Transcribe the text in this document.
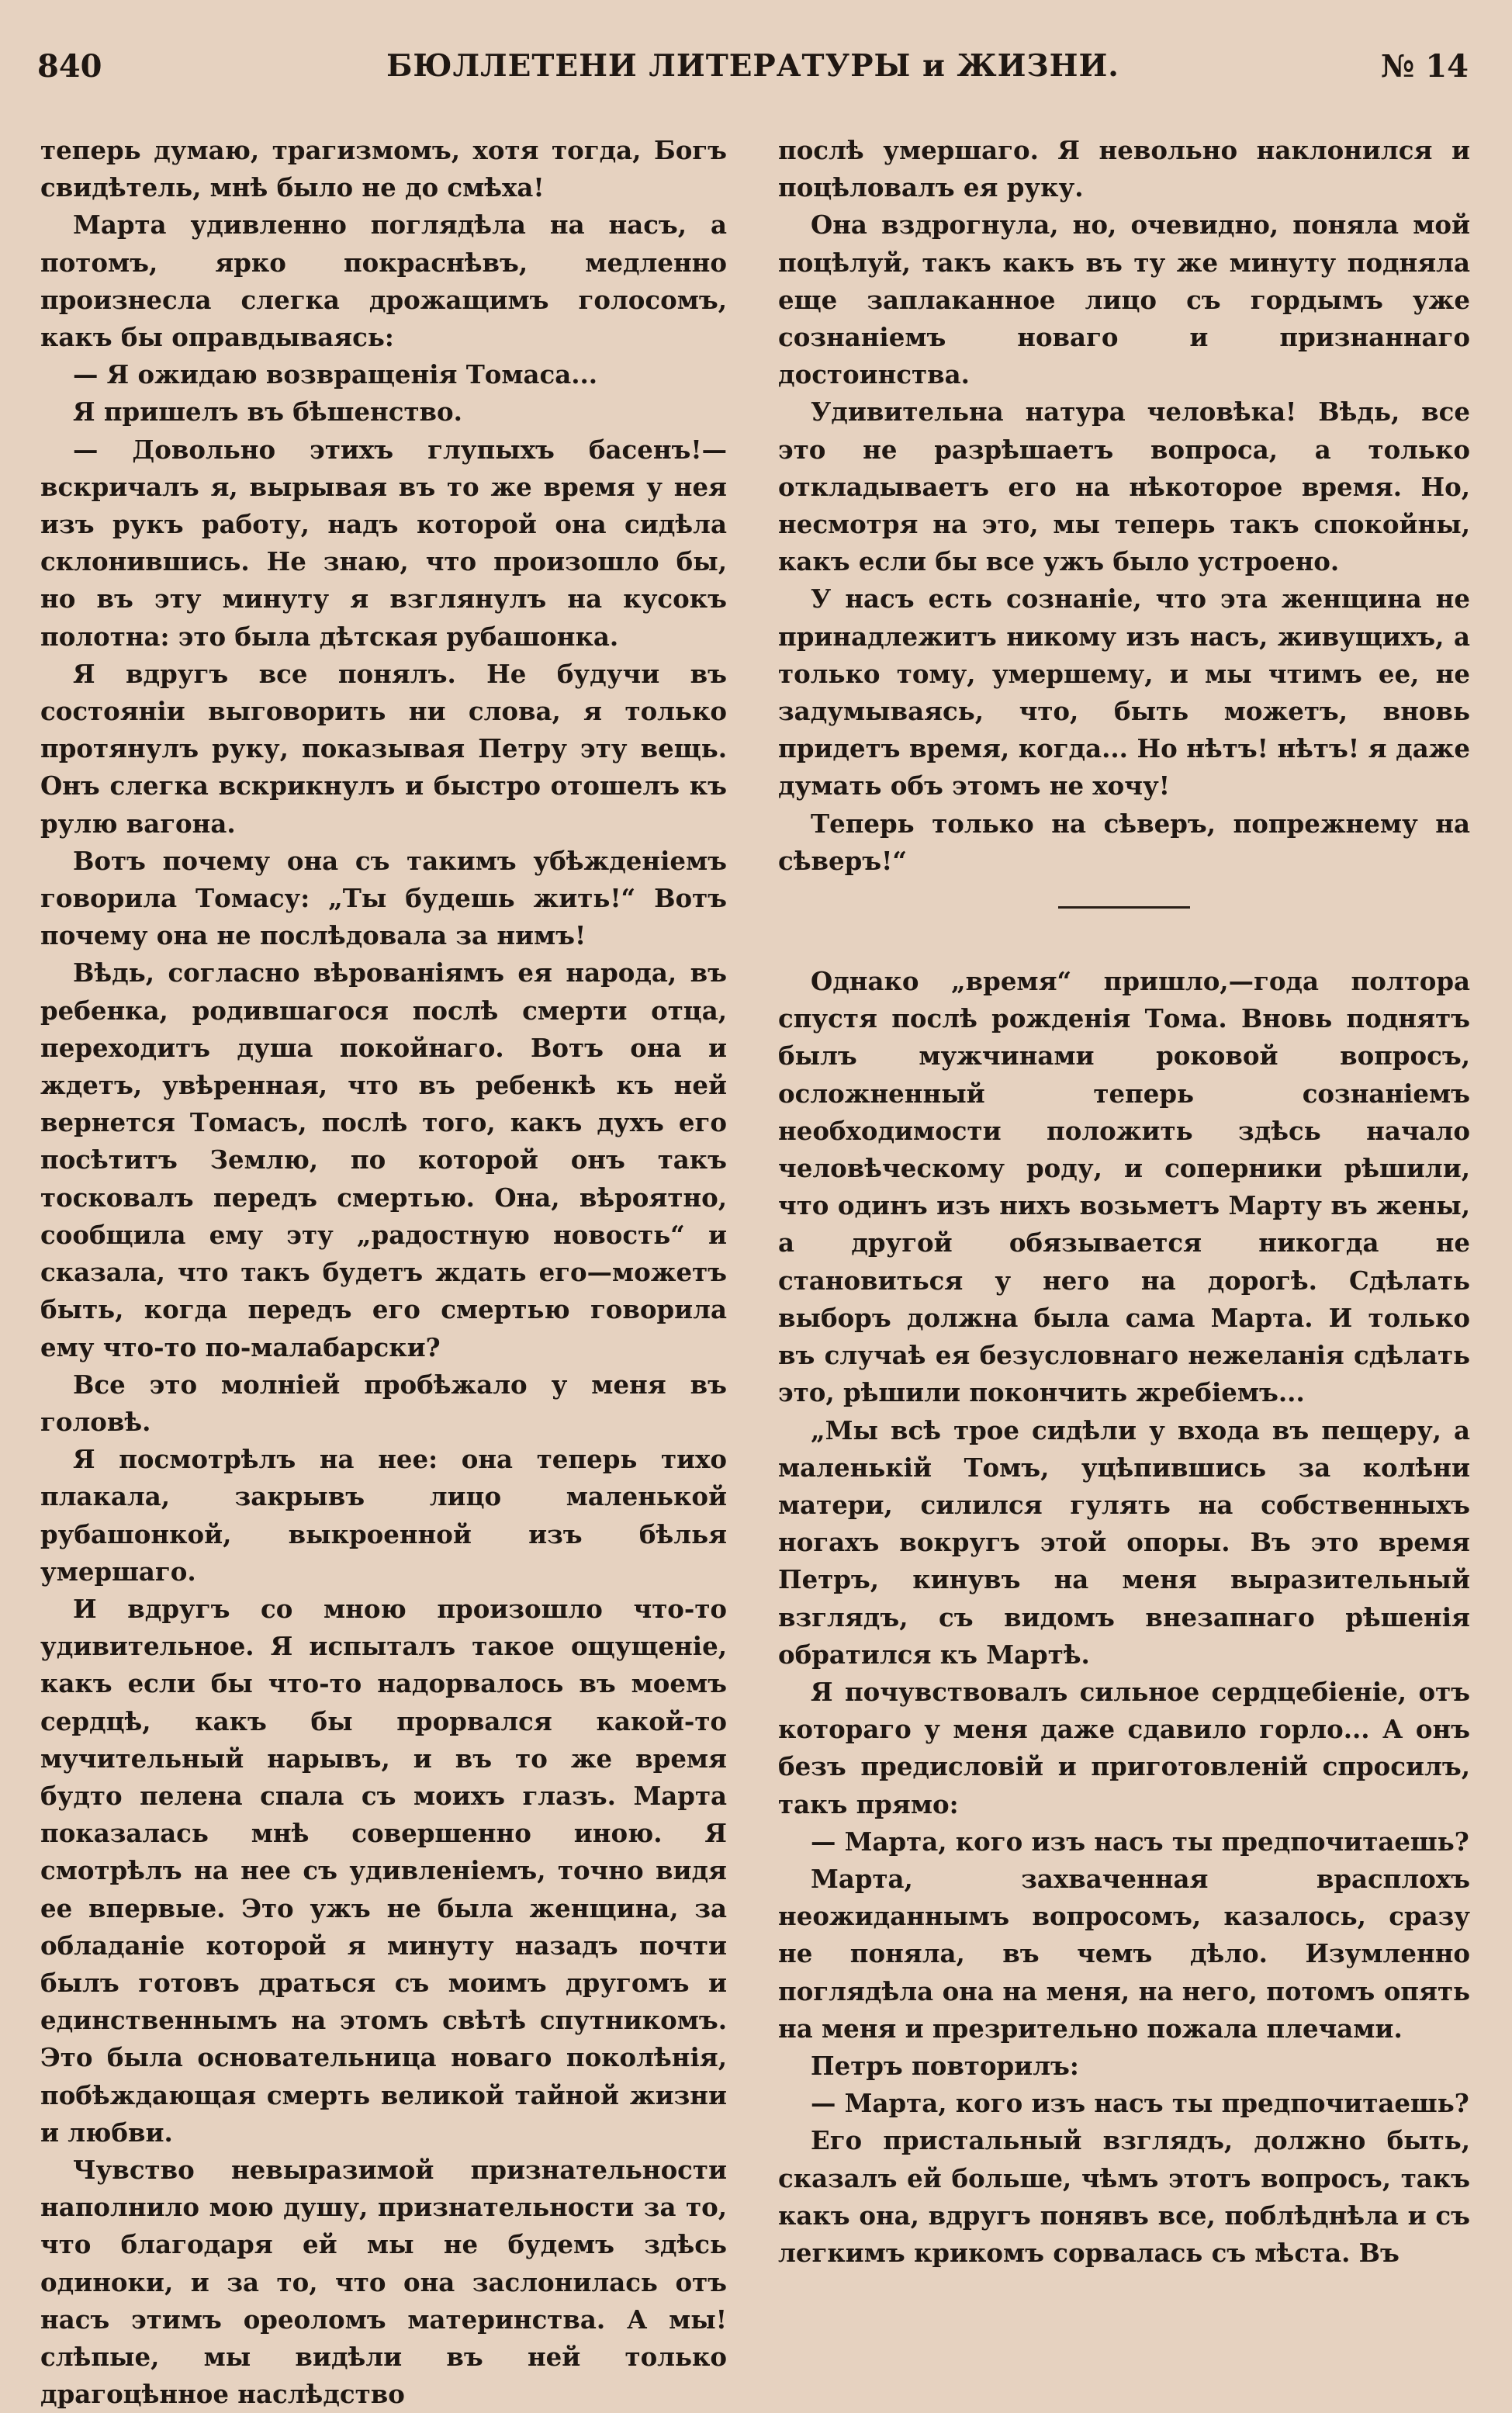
840	БЮЛЛЕТЕНИ ЛИТЕРАТУРЫ и ЖИЗНИ.	№ 14

теперь думаю, трагизмомъ, хотя тогда, Богъ свидѣтель, мнѣ было не до смѣха!

Марта удивленно поглядѣла на насъ, а потомъ, ярко покраснѣвъ, медленно произнесла слегка дрожащимъ голосомъ, какъ бы оправдываясь:

— Я ожидаю возвращенія Томаса...

Я пришелъ въ бѣшенство.

— Довольно этихъ глупыхъ басенъ!—вскричалъ я, вырывая въ то же время у нея изъ рукъ работу, надъ которой она сидѣла склонившись. Не знаю, что произошло бы, но въ эту минуту я взглянулъ на кусокъ полотна: это была дѣтская рубашонка.

Я вдругъ все понялъ. Не будучи въ состояніи выговорить ни слова, я только протянулъ руку, показывая Петру эту вещь. Онъ слегка вскрикнулъ и быстро отошелъ къ рулю вагона.

Вотъ почему она съ такимъ убѣжденіемъ говорила Томасу: „Ты будешь жить!“ Вотъ почему она не послѣдовала за нимъ!

Вѣдь, согласно вѣрованіямъ ея народа, въ ребенка, родившагося послѣ смерти отца, переходитъ душа покойнаго. Вотъ она и ждетъ, увѣренная, что въ ребенкѣ къ ней вернется Томасъ, послѣ того, какъ духъ его посѣтитъ Землю, по которой онъ такъ тосковалъ передъ смертью. Она, вѣроятно, сообщила ему эту „радостную новость“ и сказала, что такъ будетъ ждать его—можетъ быть, когда передъ его смертью говорила ему что-то по-малабарски?

Все это молніей пробѣжало у меня въ головѣ.

Я посмотрѣлъ на нее: она теперь тихо плакала, закрывъ лицо маленькой рубашонкой, выкроенной изъ бѣлья умершаго.

И вдругъ со мною произошло что-то удивительное. Я испыталъ такое ощущеніе, какъ если бы что-то надорвалось въ моемъ сердцѣ, какъ бы прорвался какой-то мучительный нарывъ, и въ то же время будто пелена спала съ моихъ глазъ. Марта показалась мнѣ совершенно иною. Я смотрѣлъ на нее съ удивленіемъ, точно видя ее впервые. Это ужъ не была женщина, за обладаніе которой я минуту назадъ почти былъ готовъ драться съ моимъ другомъ и единственнымъ на этомъ свѣтѣ спутникомъ. Это была основательница новаго поколѣнія, побѣждающая смерть великой тайной жизни и любви.

Чувство невыразимой признательности наполнило мою душу, признательности за то, что благодаря ей мы не будемъ здѣсь одиноки, и за то, что она заслонилась отъ насъ этимъ ореоломъ материнства. А мы! слѣпые, мы видѣли въ ней только драгоцѣнное наслѣдство

послѣ умершаго. Я невольно наклонился и поцѣловалъ ея руку.

Она вздрогнула, но, очевидно, поняла мой поцѣлуй, такъ какъ въ ту же минуту подняла еще заплаканное лицо съ гордымъ уже сознаніемъ новаго и признаннаго достоинства.

Удивительна натура человѣка! Вѣдь, все это не разрѣшаетъ вопроса, а только откладываетъ его на нѣкоторое время. Но, несмотря на это, мы теперь такъ спокойны, какъ если бы все ужъ было устроено.

У насъ есть сознаніе, что эта женщина не принадлежитъ никому изъ насъ, живущихъ, а только тому, умершему, и мы чтимъ ее, не задумываясь, что, быть можетъ, вновь придетъ время, когда... Но нѣтъ! нѣтъ! я даже думать объ этомъ не хочу!

Теперь только на сѣверъ, попрежнему на сѣверъ!“

Однако „время“ пришло,—года полтора спустя послѣ рожденія Тома. Вновь поднятъ былъ мужчинами роковой вопросъ, осложненный теперь сознаніемъ необходимости положить здѣсь начало человѣческому роду, и соперники рѣшили, что одинъ изъ нихъ возьметъ Марту въ жены, а другой обязывается никогда не становиться у него на дорогѣ. Сдѣлать выборъ должна была сама Марта. И только въ случаѣ ея безусловнаго нежеланія сдѣлать это, рѣшили покончить жребіемъ...

„Мы всѣ трое сидѣли у входа въ пещеру, а маленькій Томъ, уцѣпившись за колѣни матери, силился гулять на собственныхъ ногахъ вокругъ этой опоры. Въ это время Петръ, кинувъ на меня выразительный взглядъ, съ видомъ внезапнаго рѣшенія обратился къ Мартѣ.

Я почувствовалъ сильное сердцебіеніе, отъ котораго у меня даже сдавило горло... А онъ безъ предисловій и приготовленій спросилъ, такъ прямо:

— Марта, кого изъ насъ ты предпочитаешь?

Марта, захваченная врасплохъ неожиданнымъ вопросомъ, казалось, сразу не поняла, въ чемъ дѣло. Изумленно поглядѣла она на меня, на него, потомъ опять на меня и презрительно пожала плечами.

Петръ повторилъ:

— Марта, кого изъ насъ ты предпочитаешь?

Его пристальный взглядъ, должно быть, сказалъ ей больше, чѣмъ этотъ вопросъ, такъ какъ она, вдругъ понявъ все, поблѣднѣла и съ легкимъ крикомъ сорвалась съ мѣста. Въ
